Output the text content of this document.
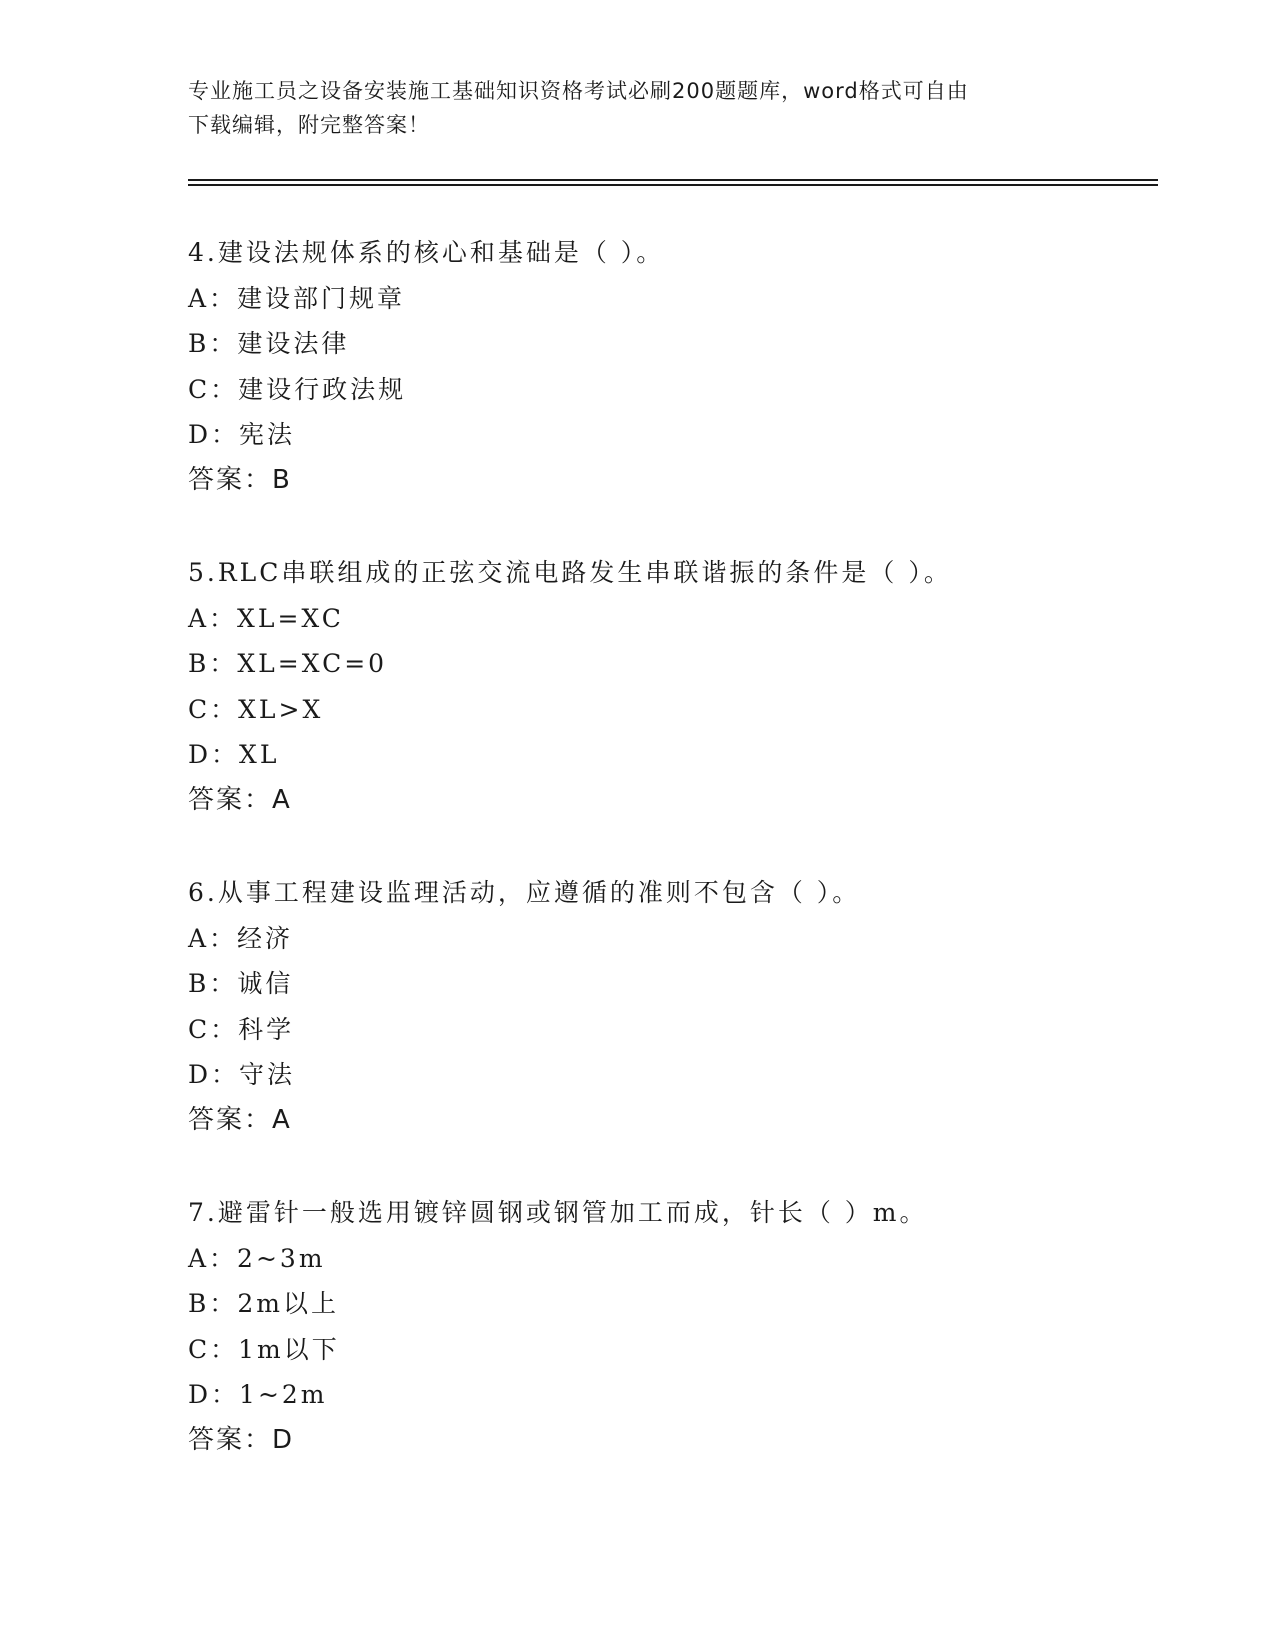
专业施工员之设备安装施工基础知识资格考试必刷200题题库，word格式可自由
下载编辑，附完整答案！
4.建设法规体系的核心和基础是（ ）。
A：建设部门规章
B：建设法律
C：建设行政法规
D：宪法
答案：B
5.RLC串联组成的正弦交流电路发生串联谐振的条件是（ ）。
A：XL=XC
B：XL=XC=0
C：XL>X
D：XL
答案：A
6.从事工程建设监理活动，应遵循的准则不包含（ ）。
A：经济
B：诚信
C：科学
D：守法
答案：A
7.避雷针一般选用镀锌圆钢或钢管加工而成，针长（ ）m。
A：2~3m
B：2m以上
C：1m以下
D：1~2m
答案：D
